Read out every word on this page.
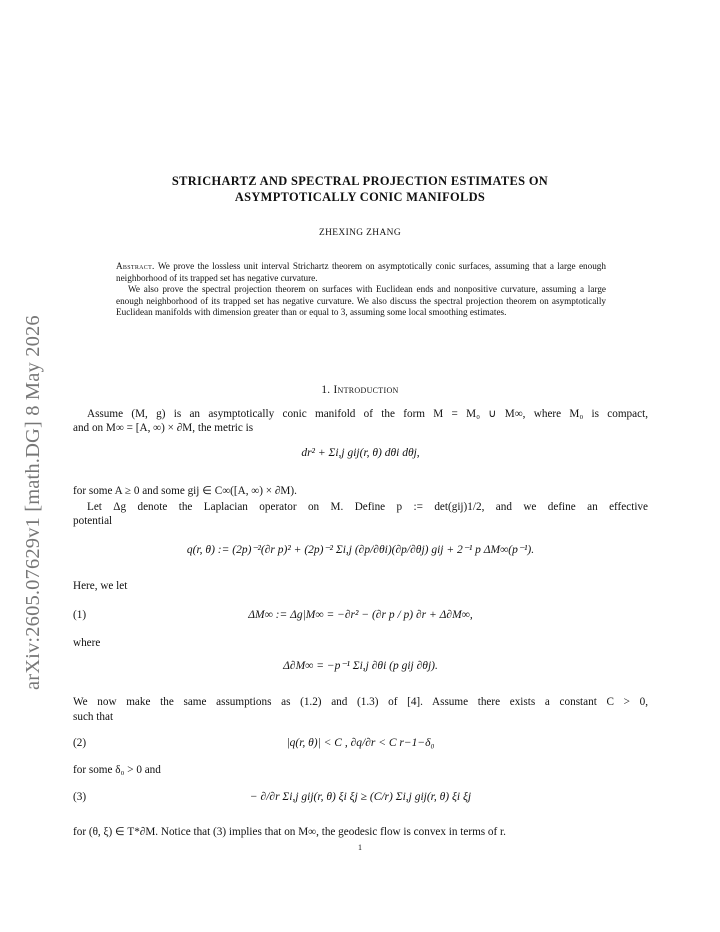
arXiv:2605.07629v1 [math.DG] 8 May 2026
STRICHARTZ AND SPECTRAL PROJECTION ESTIMATES ON
ASYMPTOTICALLY CONIC MANIFOLDS
ZHEXING ZHANG

Abstract. We prove the lossless unit interval Strichartz theorem on asymptotically conic surfaces, assuming that a large enough neighborhood of its trapped set has negative curvature.

We also prove the spectral projection theorem on surfaces with Euclidean ends and nonpositive curvature, assuming a large enough neighborhood of its trapped set has negative curvature. We also discuss the spectral projection theorem on asymptotically Euclidean manifolds with dimension greater than or equal to 3, assuming some local smoothing estimates.

1. Introduction
Assume (M, g) is an asymptotically conic manifold of the form M = M₀ ∪ M∞, where M₀ is compact,
and on M∞ = [A, ∞) × ∂M, the metric is
dr² + Σi,j gij(r, θ) dθi dθj,
for some A ≥ 0 and some gij ∈ C∞([A, ∞) × ∂M).
Let Δg denote the Laplacian operator on M. Define p := det(gij)1/2, and we define an effective
potential
q(r, θ) := (2p)⁻²(∂r p)² + (2p)⁻² Σi,j (∂p/∂θi)(∂p/∂θj) gij + 2⁻¹ p ΔM∞(p⁻¹).
Here, we let
(1)	ΔM∞ := Δg|M∞ = −∂r² − (∂r p / p) ∂r + Δ∂M∞,
where
Δ∂M∞ = −p⁻¹ Σi,j ∂θi (p gij ∂θj).
We now make the same assumptions as (1.2) and (1.3) of [4]. Assume there exists a constant C > 0,
such that
(2)	|q(r, θ)| < C , ∂q/∂r < C r−1−δ₀
for some δ₀ > 0 and
(3)	− ∂/∂r Σi,j gij(r, θ) ξi ξj ≥ (C/r) Σi,j gij(r, θ) ξi ξj
for (θ, ξ) ∈ T*∂M. Notice that (3) implies that on M∞, the geodesic flow is convex in terms of r.
1
